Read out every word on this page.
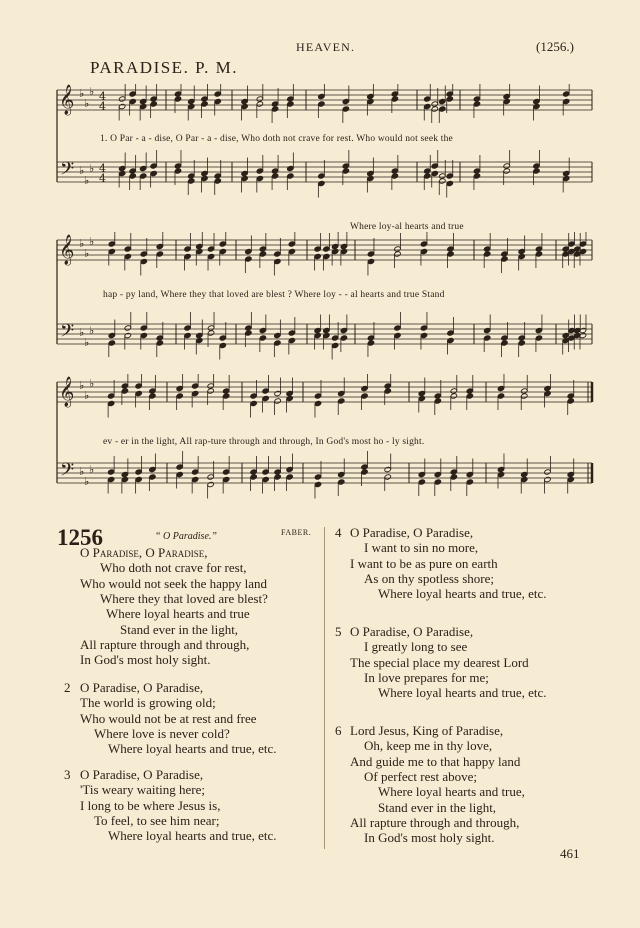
HEAVEN.	(1256.)
PARADISE. P. M.
𝄞
𝄢
♭
♭
♭
♭
♭
♭
4
4
4
4
1. O Par - a - dise, O Par - a - dise, Who doth not crave for rest. Who would not seek the
Where loy-al hearts and true
𝄞
𝄢
♭
♭
♭
♭
♭
♭
hap - py land, Where they that loved are blest ? Where loy - - al hearts and true Stand
𝄞
𝄢
♭
♭
♭
♭
♭
♭
ev - er in the light, All rap-ture through and through, In God's most ho - ly sight.
1256	“ O Paradise.”	FABER.
O Paradise, O Paradise,
Who doth not crave for rest,
Who would not seek the happy land
Where they that loved are blest?
Where loyal hearts and true
Stand ever in the light,
All rapture through and through,
In God's most holy sight.
2 O Paradise, O Paradise,
The world is growing old;
Who would not be at rest and free
Where love is never cold?
Where loyal hearts and true, etc.
3 O Paradise, O Paradise,
'Tis weary waiting here;
I long to be where Jesus is,
To feel, to see him near;
Where loyal hearts and true, etc.
4 O Paradise, O Paradise,
I want to sin no more,
I want to be as pure on earth
As on thy spotless shore;
Where loyal hearts and true, etc.
5 O Paradise, O Paradise,
I greatly long to see
The special place my dearest Lord
In love prepares for me;
Where loyal hearts and true, etc.
6 Lord Jesus, King of Paradise,
Oh, keep me in thy love,
And guide me to that happy land
Of perfect rest above;
Where loyal hearts and true,
Stand ever in the light,
All rapture through and through,
In God's most holy sight.
461
